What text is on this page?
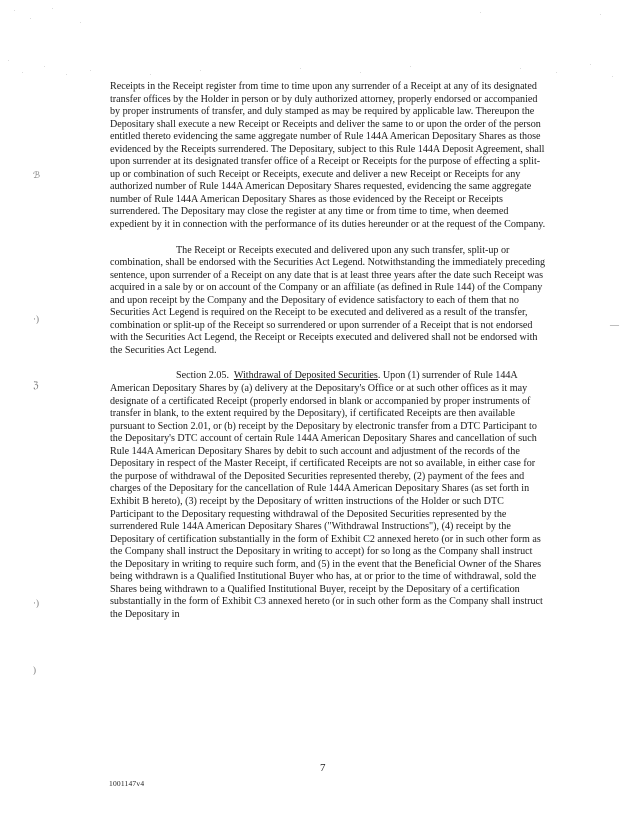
Receipts in the Receipt register from time to time upon any surrender of a Receipt at any of its designated transfer offices by the Holder in person or by duly authorized attorney, properly endorsed or accompanied by proper instruments of transfer, and duly stamped as may be required by applicable law. Thereupon the Depositary shall execute a new Receipt or Receipts and deliver the same to or upon the order of the person entitled thereto evidencing the same aggregate number of Rule 144A American Depositary Shares as those evidenced by the Receipts surrendered. The Depositary, subject to this Rule 144A Deposit Agreement, shall upon surrender at its designated transfer office of a Receipt or Receipts for the purpose of effecting a split-up or combination of such Receipt or Receipts, execute and deliver a new Receipt or Receipts for any authorized number of Rule 144A American Depositary Shares requested, evidencing the same aggregate number of Rule 144A American Depositary Shares as those evidenced by the Receipt or Receipts surrendered. The Depositary may close the register at any time or from time to time, when deemed expedient by it in connection with the performance of its duties hereunder or at the request of the Company.

The Receipt or Receipts executed and delivered upon any such transfer, split-up or combination, shall be endorsed with the Securities Act Legend. Notwithstanding the immediately preceding sentence, upon surrender of a Receipt on any date that is at least three years after the date such Receipt was acquired in a sale by or on account of the Company or an affiliate (as defined in Rule 144) of the Company and upon receipt by the Company and the Depositary of evidence satisfactory to each of them that no Securities Act Legend is required on the Receipt to be executed and delivered as a result of the transfer, combination or split-up of the Receipt so surrendered or upon surrender of a Receipt that is not endorsed with the Securities Act Legend, the Receipt or Receipts executed and delivered shall not be endorsed with the Securities Act Legend.

Section 2.05. Withdrawal of Deposited Securities. Upon (1) surrender of Rule 144A American Depositary Shares by (a) delivery at the Depositary's Office or at such other offices as it may designate of a certificated Receipt (properly endorsed in blank or accompanied by proper instruments of transfer in blank, to the extent required by the Depositary), if certificated Receipts are then available pursuant to Section 2.01, or (b) receipt by the Depositary by electronic transfer from a DTC Participant to the Depositary's DTC account of certain Rule 144A American Depositary Shares and cancellation of such Rule 144A American Depositary Shares by debit to such account and adjustment of the records of the Depositary in respect of the Master Receipt, if certificated Receipts are not so available, in either case for the purpose of withdrawal of the Deposited Securities represented thereby, (2) payment of the fees and charges of the Depositary for the cancellation of Rule 144A American Depositary Shares (as set forth in Exhibit B hereto), (3) receipt by the Depositary of written instructions of the Holder or such DTC Participant to the Depositary requesting withdrawal of the Deposited Securities represented by the surrendered Rule 144A American Depositary Shares ("Withdrawal Instructions"), (4) receipt by the Depositary of certification substantially in the form of Exhibit C2 annexed hereto (or in such other form as the Company shall instruct the Depositary in writing to accept) for so long as the Company shall instruct the Depositary in writing to require such form, and (5) in the event that the Beneficial Owner of the Shares being withdrawn is a Qualified Institutional Buyer who has, at or prior to the time of withdrawal, sold the Shares being withdrawn to a Qualified Institutional Buyer, receipt by the Depositary of a certification substantially in the form of Exhibit C3 annexed hereto (or in such other form as the Company shall instruct the Depositary in

ℬ
·)
ℨ
·)
)
—
7
1001147v4
